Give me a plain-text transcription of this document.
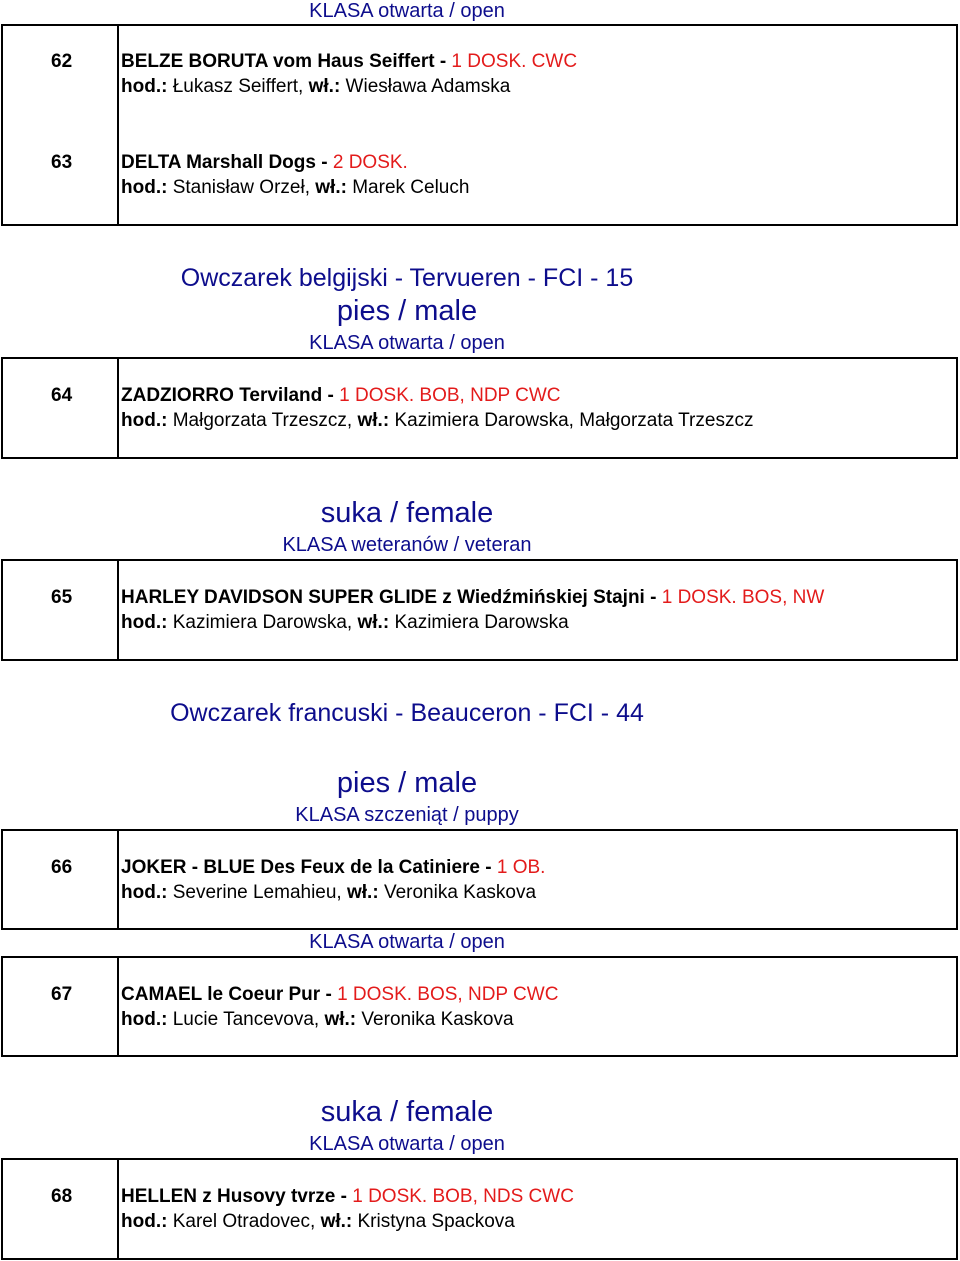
KLASA otwarta / open
62	BELZE BORUTA vom Haus Seiffert - 1 DOSK. CWC
hod.: Łukasz Seiffert, wł.: Wiesława Adamska
63	DELTA Marshall Dogs - 2 DOSK.
hod.: Stanisław Orzeł, wł.: Marek Celuch
Owczarek belgijski - Tervueren - FCI - 15
pies / male
KLASA otwarta / open
64	ZADZIORRO Terviland - 1 DOSK. BOB, NDP CWC
hod.: Małgorzata Trzeszcz, wł.: Kazimiera Darowska, Małgorzata Trzeszcz
suka / female
KLASA weteranów / veteran
65	HARLEY DAVIDSON SUPER GLIDE z Wiedźmińskiej Stajni - 1 DOSK. BOS, NW
hod.: Kazimiera Darowska, wł.: Kazimiera Darowska
Owczarek francuski - Beauceron - FCI - 44
pies / male
KLASA szczeniąt / puppy
66	JOKER - BLUE Des Feux de la Catiniere - 1 OB.
hod.: Severine Lemahieu, wł.: Veronika Kaskova
KLASA otwarta / open
67	CAMAEL le Coeur Pur - 1 DOSK. BOS, NDP CWC
hod.: Lucie Tancevova, wł.: Veronika Kaskova
suka / female
KLASA otwarta / open
68	HELLEN z Husovy tvrze - 1 DOSK. BOB, NDS CWC
hod.: Karel Otradovec, wł.: Kristyna Spackova
